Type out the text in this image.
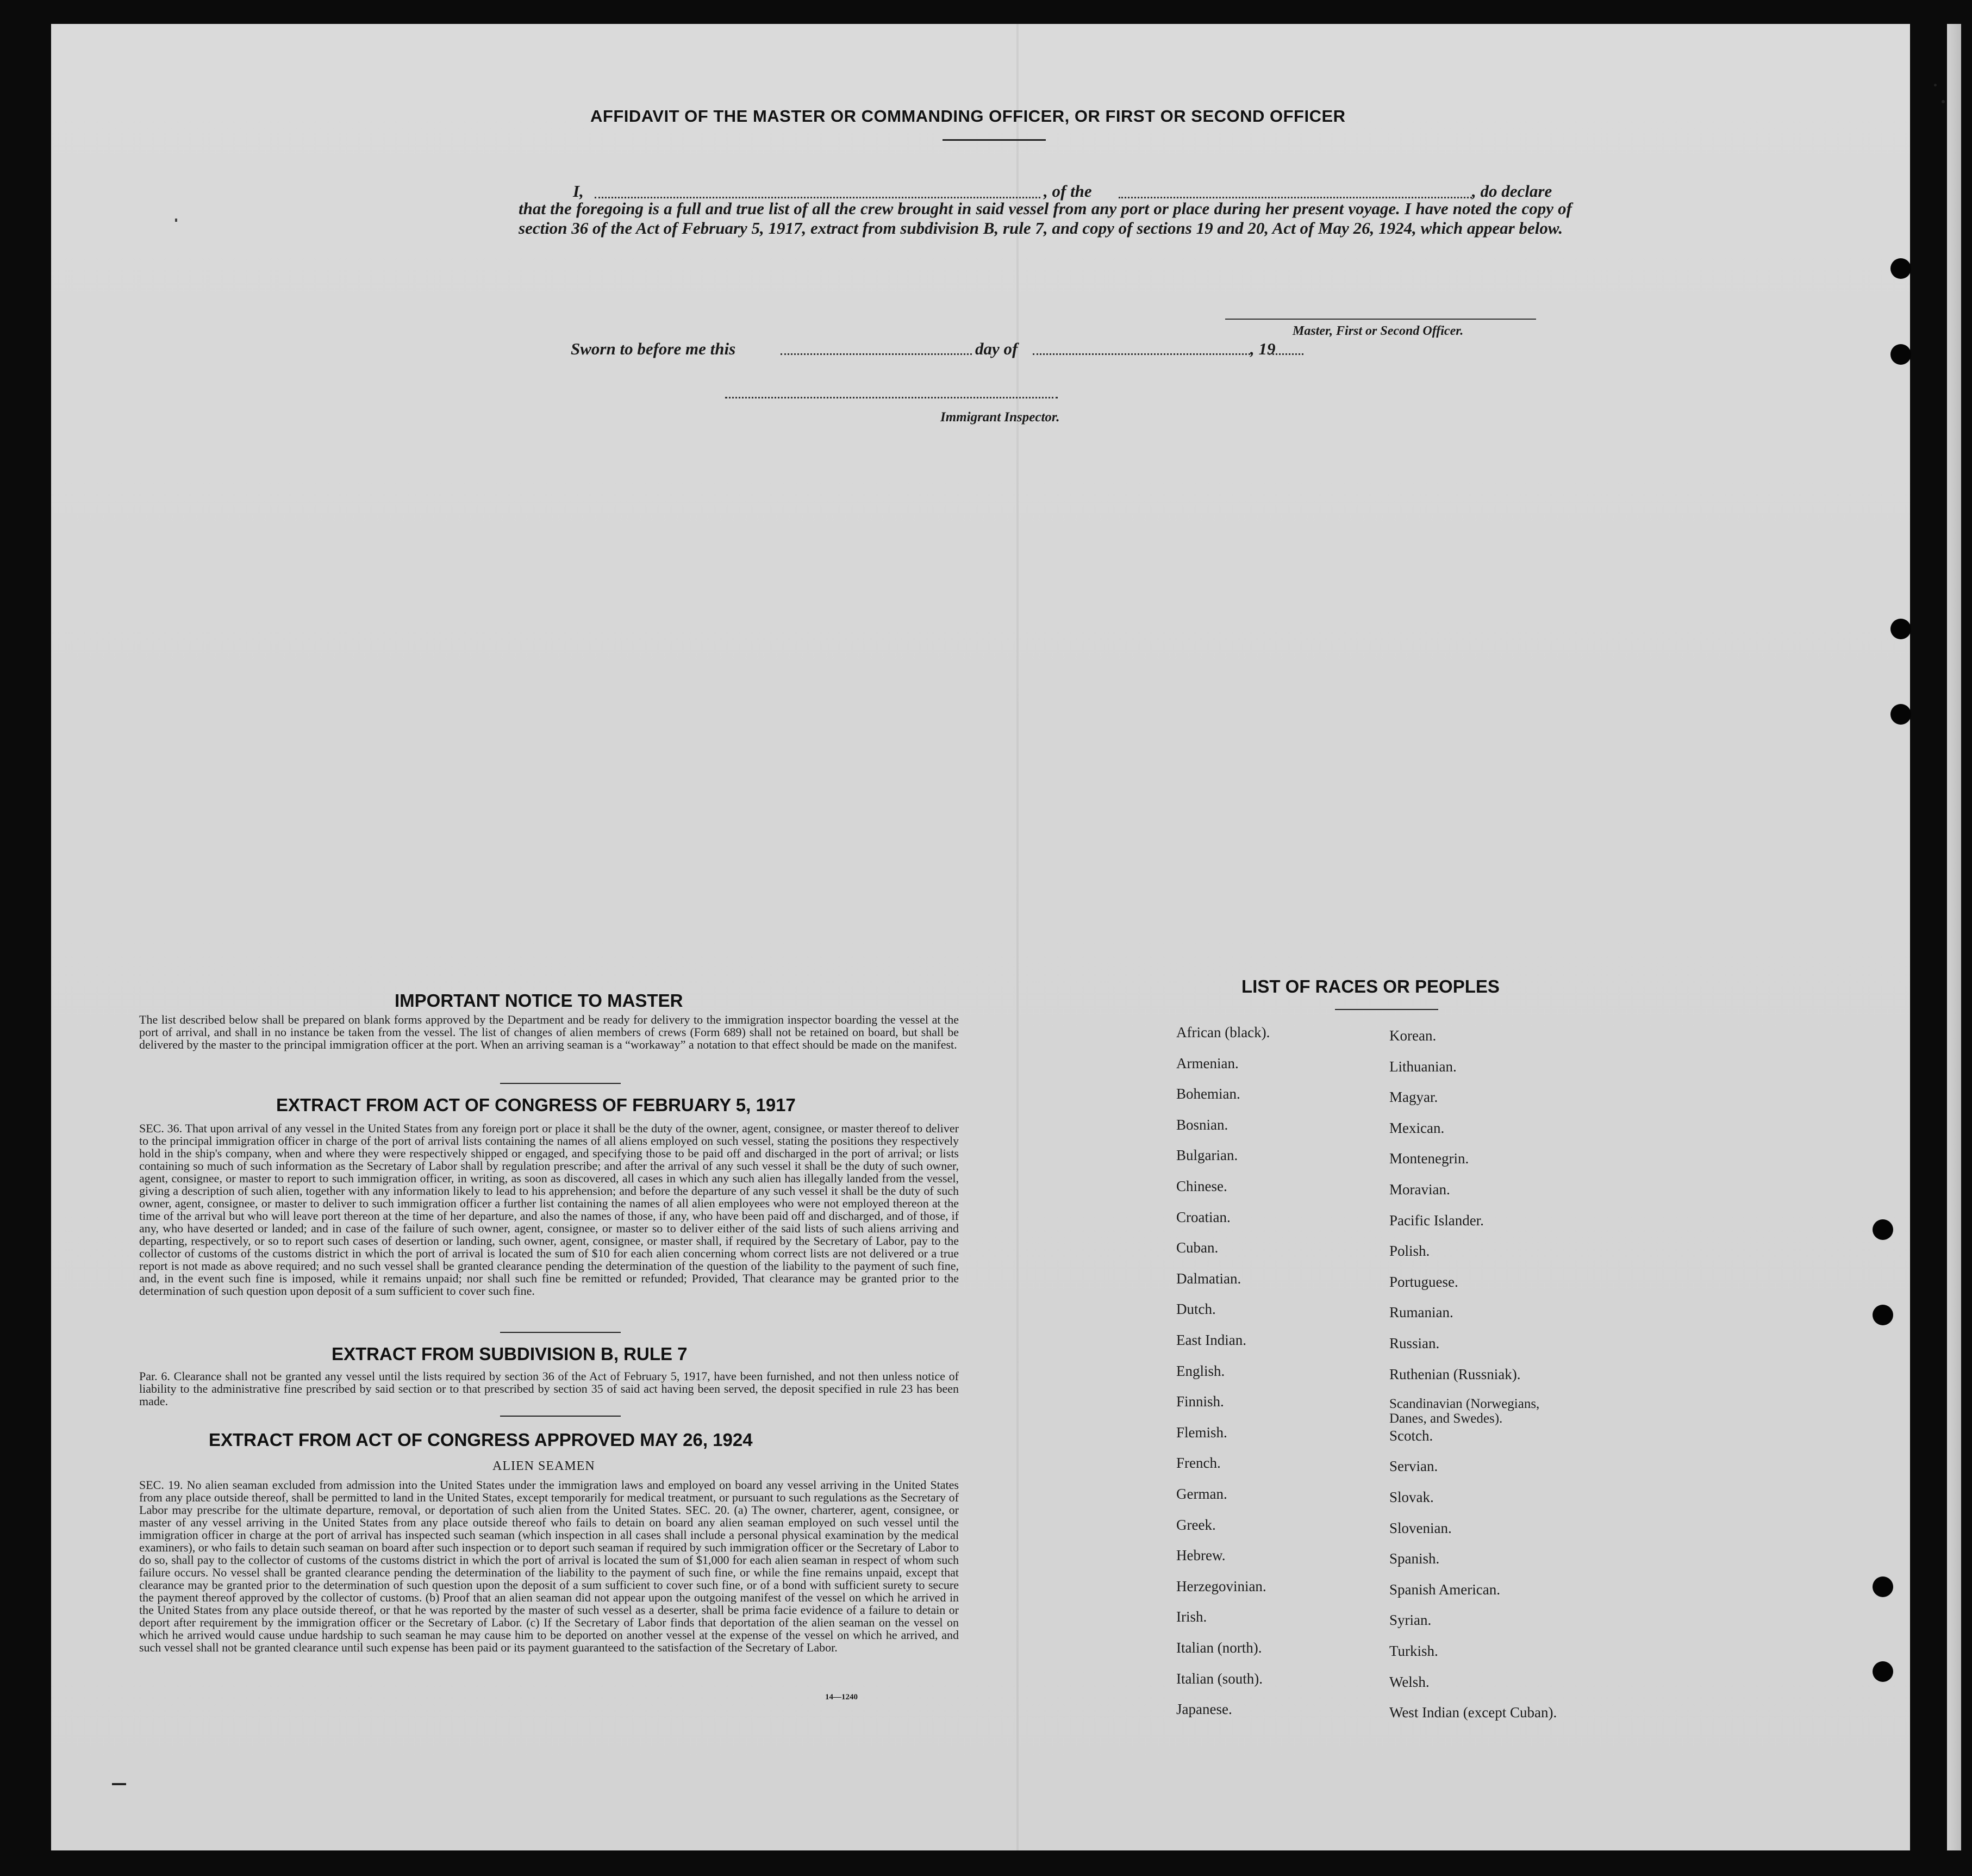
AFFIDAVIT OF THE MASTER OR COMMANDING OFFICER, OR FIRST OR SECOND OFFICER
I,	, of the	, do declare
that the foregoing is a full and true list of all the crew brought in said vessel from any port or place during her present voyage. I have noted the copy of section 36 of the Act of February 5, 1917, extract from subdivision B, rule 7, and copy of sections 19 and 20, Act of May 26, 1924, which appear below.
Master, First or Second Officer.
Sworn to before me this	day of	, 19
Immigrant Inspector.
IMPORTANT NOTICE TO MASTER
The list described below shall be prepared on blank forms approved by the Department and be ready for delivery to the immigration inspector boarding the vessel at the port of arrival, and shall in no instance be taken from the vessel. The list of changes of alien members of crews (Form 689) shall not be retained on board, but shall be delivered by the master to the principal immigration officer at the port. When an arriving seaman is a “workaway” a notation to that effect should be made on the manifest.
EXTRACT FROM ACT OF CONGRESS OF FEBRUARY 5, 1917
SEC. 36. That upon arrival of any vessel in the United States from any foreign port or place it shall be the duty of the owner, agent, consignee, or master thereof to deliver to the principal immigration officer in charge of the port of arrival lists containing the names of all aliens employed on such vessel, stating the positions they respectively hold in the ship's company, when and where they were respectively shipped or engaged, and specifying those to be paid off and discharged in the port of arrival; or lists containing so much of such information as the Secretary of Labor shall by regulation prescribe; and after the arrival of any such vessel it shall be the duty of such owner, agent, consignee, or master to report to such immigration officer, in writing, as soon as discovered, all cases in which any such alien has illegally landed from the vessel, giving a description of such alien, together with any information likely to lead to his apprehension; and before the departure of any such vessel it shall be the duty of such owner, agent, consignee, or master to deliver to such immigration officer a further list containing the names of all alien employees who were not employed thereon at the time of the arrival but who will leave port thereon at the time of her departure, and also the names of those, if any, who have been paid off and discharged, and of those, if any, who have deserted or landed; and in case of the failure of such owner, agent, consignee, or master so to deliver either of the said lists of such aliens arriving and departing, respectively, or so to report such cases of desertion or landing, such owner, agent, consignee, or master shall, if required by the Secretary of Labor, pay to the collector of customs of the customs district in which the port of arrival is located the sum of $10 for each alien concerning whom correct lists are not delivered or a true report is not made as above required; and no such vessel shall be granted clearance pending the determination of the question of the liability to the payment of such fine, and, in the event such fine is imposed, while it remains unpaid; nor shall such fine be remitted or refunded; Provided, That clearance may be granted prior to the determination of such question upon deposit of a sum sufficient to cover such fine.
EXTRACT FROM SUBDIVISION B, RULE 7
Par. 6. Clearance shall not be granted any vessel until the lists required by section 36 of the Act of February 5, 1917, have been furnished, and not then unless notice of liability to the administrative fine prescribed by said section or to that prescribed by section 35 of said act having been served, the deposit specified in rule 23 has been made.
EXTRACT FROM ACT OF CONGRESS APPROVED MAY 26, 1924
ALIEN SEAMEN
SEC. 19. No alien seaman excluded from admission into the United States under the immigration laws and employed on board any vessel arriving in the United States from any place outside thereof, shall be permitted to land in the United States, except temporarily for medical treatment, or pursuant to such regulations as the Secretary of Labor may prescribe for the ultimate departure, removal, or deportation of such alien from the United States. SEC. 20. (a) The owner, charterer, agent, consignee, or master of any vessel arriving in the United States from any place outside thereof who fails to detain on board any alien seaman employed on such vessel until the immigration officer in charge at the port of arrival has inspected such seaman (which inspection in all cases shall include a personal physical examination by the medical examiners), or who fails to detain such seaman on board after such inspection or to deport such seaman if required by such immigration officer or the Secretary of Labor to do so, shall pay to the collector of customs of the customs district in which the port of arrival is located the sum of $1,000 for each alien seaman in respect of whom such failure occurs. No vessel shall be granted clearance pending the determination of the liability to the payment of such fine, or while the fine remains unpaid, except that clearance may be granted prior to the determination of such question upon the deposit of a sum sufficient to cover such fine, or of a bond with sufficient surety to secure the payment thereof approved by the collector of customs. (b) Proof that an alien seaman did not appear upon the outgoing manifest of the vessel on which he arrived in the United States from any place outside thereof, or that he was reported by the master of such vessel as a deserter, shall be prima facie evidence of a failure to detain or deport after requirement by the immigration officer or the Secretary of Labor. (c) If the Secretary of Labor finds that deportation of the alien seaman on the vessel on which he arrived would cause undue hardship to such seaman he may cause him to be deported on another vessel at the expense of the vessel on which he arrived, and such vessel shall not be granted clearance until such expense has been paid or its payment guaranteed to the satisfaction of the Secretary of Labor.
14—1240
LIST OF RACES OR PEOPLES
African (black).
Armenian.
Bohemian.
Bosnian.
Bulgarian.
Chinese.
Croatian.
Cuban.
Dalmatian.
Dutch.
East Indian.
English.
Finnish.
Flemish.
French.
German.
Greek.
Hebrew.
Herzegovinian.
Irish.
Italian (north).
Italian (south).
Japanese.
Korean.
Lithuanian.
Magyar.
Mexican.
Montenegrin.
Moravian.
Pacific Islander.
Polish.
Portuguese.
Rumanian.
Russian.
Ruthenian (Russniak).
Scandinavian (Norwegians, Danes, and Swedes).
Scotch.
Servian.
Slovak.
Slovenian.
Spanish.
Spanish American.
Syrian.
Turkish.
Welsh.
West Indian (except Cuban).
